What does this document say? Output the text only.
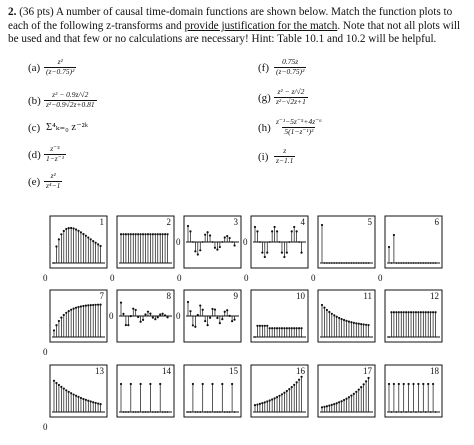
2. (36 pts) A number of causal time-domain functions are shown below. Match the function plots to each of the following z-transforms and provide justification for the match. Note that not all plots will be used and that few or no calculations are necessary! Hint: Table 10.1 and 10.2 will be helpful.
$(a) \frac{\text{z²}}{\text{(z−0.75)²}}$
$(b) \frac{\text{z² − 0.9z/√2}}{\text{z²−0.9√2z+0.81}}$
(c) Σ⁴ₖ₌₀ z⁻²ᵏ
$(d) \frac{\text{z⁻⁵}}{\text{1−z⁻¹}}$
$(e) \frac{\text{z²}}{\text{z⁴−1}}$
$(f) \frac{0.75z}{\text{(z−0.75)²}}$
$(g) \frac{\text{z² − z/√2}}{\text{z²−√2z+1}}$
$(h) \frac{\text{z⁻¹−5z⁻⁵+4z⁻⁶}}{\text{5(1−z⁻¹)²}}$
$(i) \frac{z}{z-1.1}$
1
0
2
0
3
0
0
4
0
0
5
0
6
0
7
0
8
0
9
0
10	11	12
13
0
14	15	16	17	18
